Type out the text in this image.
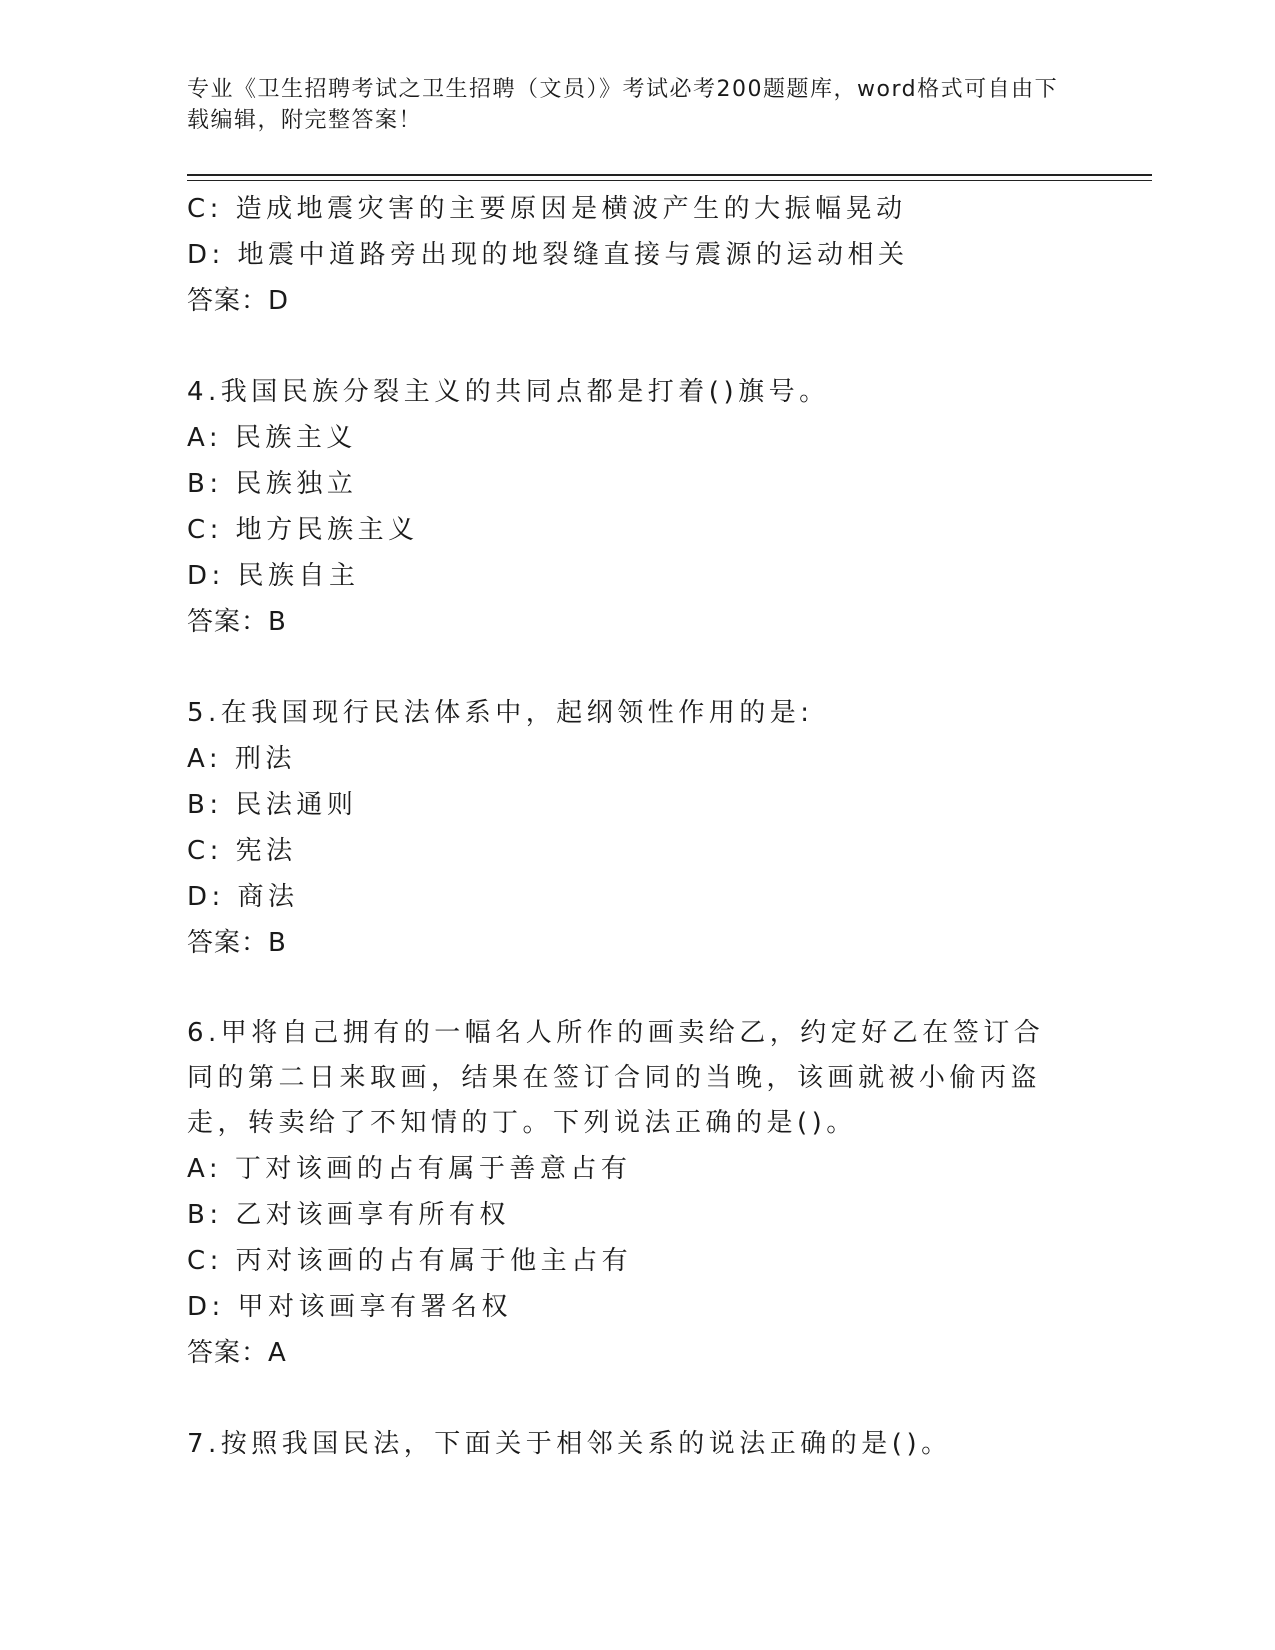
专业《卫生招聘考试之卫生招聘（文员）》考试必考200题题库，word格式可自由下载编辑，附完整答案！
C: 造成地震灾害的主要原因是横波产生的大振幅晃动
D: 地震中道路旁出现的地裂缝直接与震源的运动相关
答案：D
4.我国民族分裂主义的共同点都是打着()旗号。
A: 民族主义
B: 民族独立
C: 地方民族主义
D: 民族自主
答案：B
5.在我国现行民法体系中，起纲领性作用的是:
A: 刑法
B: 民法通则
C: 宪法
D: 商法
答案：B
6.甲将自己拥有的一幅名人所作的画卖给乙，约定好乙在签订合同的第二日来取画，结果在签订合同的当晚，该画就被小偷丙盗走，转卖给了不知情的丁。下列说法正确的是()。
A: 丁对该画的占有属于善意占有
B: 乙对该画享有所有权
C: 丙对该画的占有属于他主占有
D: 甲对该画享有署名权
答案：A
7.按照我国民法，下面关于相邻关系的说法正确的是()。
